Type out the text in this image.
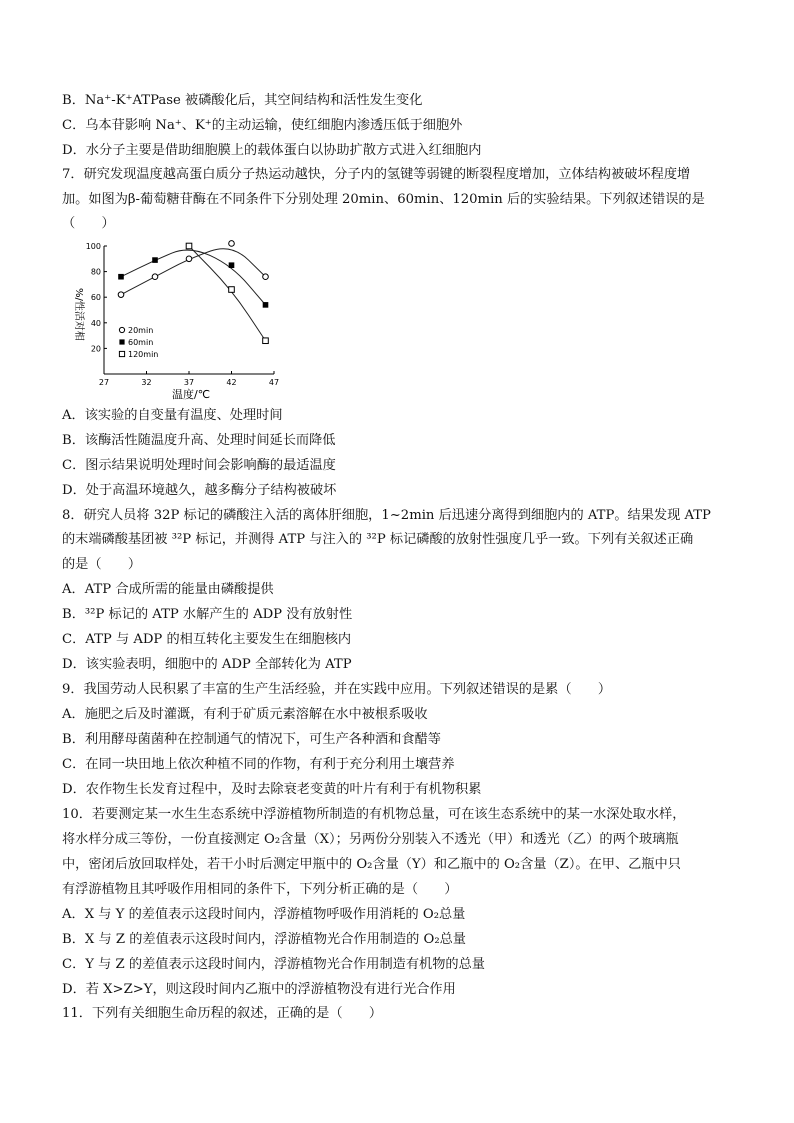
B．Na⁺-K⁺ATPase 被磷酸化后，其空间结构和活性发生变化
C．乌本苷影响 Na⁺、K⁺的主动运输，使红细胞内渗透压低于细胞外
D．水分子主要是借助细胞膜上的载体蛋白以协助扩散方式进入红细胞内
7．研究发现温度越高蛋白质分子热运动越快，分子内的氢键等弱键的断裂程度增加，立体结构被破坏程度增
加。如图为β-葡萄糖苷酶在不同条件下分别处理 20min、60min、120min 后的实验结果。下列叙述错误的是
（　　）
27	32	37	42	47
20
40
60
80
100
20min
60min
120min
温度/℃
%/性活对相
A．该实验的自变量有温度、处理时间
B．该酶活性随温度升高、处理时间延长而降低
C．图示结果说明处理时间会影响酶的最适温度
D．处于高温环境越久，越多酶分子结构被破坏
8．研究人员将 32P 标记的磷酸注入活的离体肝细胞，1~2min 后迅速分离得到细胞内的 ATP。结果发现 ATP
的末端磷酸基团被 ³²P 标记，并测得 ATP 与注入的 ³²P 标记磷酸的放射性强度几乎一致。下列有关叙述正确
的是（　　）
A．ATP 合成所需的能量由磷酸提供
B．³²P 标记的 ATP 水解产生的 ADP 没有放射性
C．ATP 与 ADP 的相互转化主要发生在细胞核内
D．该实验表明，细胞中的 ADP 全部转化为 ATP
9．我国劳动人民积累了丰富的生产生活经验，并在实践中应用。下列叙述错误的是累（　　）
A．施肥之后及时灌溉，有利于矿质元素溶解在水中被根系吸收
B．利用酵母菌菌种在控制通气的情况下，可生产各种酒和食醋等
C．在同一块田地上依次种植不同的作物，有利于充分利用土壤营养
D．农作物生长发育过程中，及时去除衰老变黄的叶片有利于有机物积累
10．若要测定某一水生生态系统中浮游植物所制造的有机物总量，可在该生态系统中的某一水深处取水样，
将水样分成三等份，一份直接测定 O₂含量（X）；另两份分别装入不透光（甲）和透光（乙）的两个玻璃瓶
中，密闭后放回取样处，若干小时后测定甲瓶中的 O₂含量（Y）和乙瓶中的 O₂含量（Z）。在甲、乙瓶中只
有浮游植物且其呼吸作用相同的条件下，下列分析正确的是（　　）
A．X 与 Y 的差值表示这段时间内，浮游植物呼吸作用消耗的 O₂总量
B．X 与 Z 的差值表示这段时间内，浮游植物光合作用制造的 O₂总量
C．Y 与 Z 的差值表示这段时间内，浮游植物光合作用制造有机物的总量
D．若 X>Z>Y，则这段时间内乙瓶中的浮游植物没有进行光合作用
11．下列有关细胞生命历程的叙述，正确的是（　　）
